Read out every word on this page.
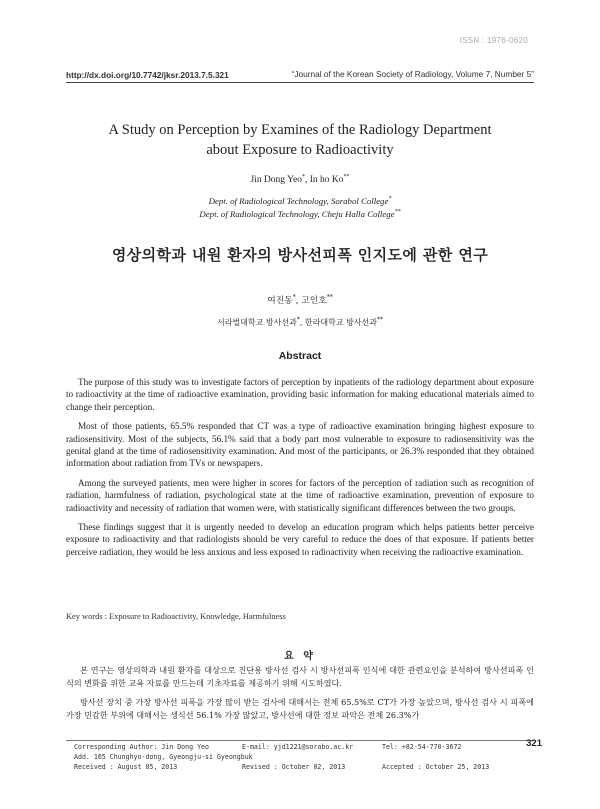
ISSN : 1976-0620
http://dx.doi.org/10.7742/jksr.2013.7.5.321	“Journal of the Korean Society of Radiology, Volume 7, Number 5”
A Study on Perception by Examines of the Radiology Department
about Exposure to Radioactivity
Jin Dong Yeo*, In ho Ko**
Dept. of Radiological Technology, Sorabol College*
Dept. of Radiological Technology, Cheju Halla College**
영상의학과 내원 환자의 방사선피폭 인지도에 관한 연구
여진동*, 고인호**
서라벌대학교 방사선과*, 한라대학교 방사선과**
Abstract

The purpose of this study was to investigate factors of perception by inpatients of the radiology department about exposure to radioactivity at the time of radioactive examination, providing basic information for making educational materials aimed to change their perception.

Most of those patients, 65.5% responded that CT was a type of radioactive examination bringing highest exposure to radiosensitivity. Most of the subjects, 56.1% said that a body part most vulnerable to exposure to radiosensitivity was the genital gland at the time of radiosensitivity examination. And most of the participants, or 26.3% responded that they obtained information about radiation from TVs or newspapers.

Among the surveyed patients, men were higher in scores for factors of the perception of radiation such as recognition of radiation, harmfulness of radiation, psychological state at the time of radioactive examination, prevention of exposure to radioactivity and necessity of radiation that women were, with statistically significant differences between the two groups.

These findings suggest that it is urgently needed to develop an education program which helps patients better perceive exposure to radioactivity and that radiologists should be very careful to reduce the does of that exposure. If patients better perceive radiation, they would be less anxious and less exposed to radioactivity when receiving the radioactive examination.

Key words : Exposure to Radioactivity, Knowledge, Harmfulness
요 약

본 연구는 영상의학과 내원 환자를 대상으로 진단용 방사선 검사 시 방사선피폭 인식에 대한 관련요인을 분석하여 방사선피폭 인식의 변화를 위한 교육 자료를 만드는데 기초자료를 제공하기 위해 시도하였다.

방사선 장치 중 가장 방사선 피폭을 가장 많이 받는 검사에 대해서는 전체 65.5%로 CT가 가장 높았으며, 방사선 검사 시 피폭에 가장 민감한 부위에 대해서는 생식선 56.1% 가장 많았고, 방사선에 대한 정보 파악은 전체 26.3%가

Corresponding Author: Jin Dong Yeo	E-mail: yjd1221@sorabo.ac.kr	Tel: +82-54-770-3672
Add. 165 Chunghyo-dong, Gyeongju-si Gyeongbuk
Received : August 05, 2013	Revised : October 02, 2013	Accepted : October 25, 2013
321
